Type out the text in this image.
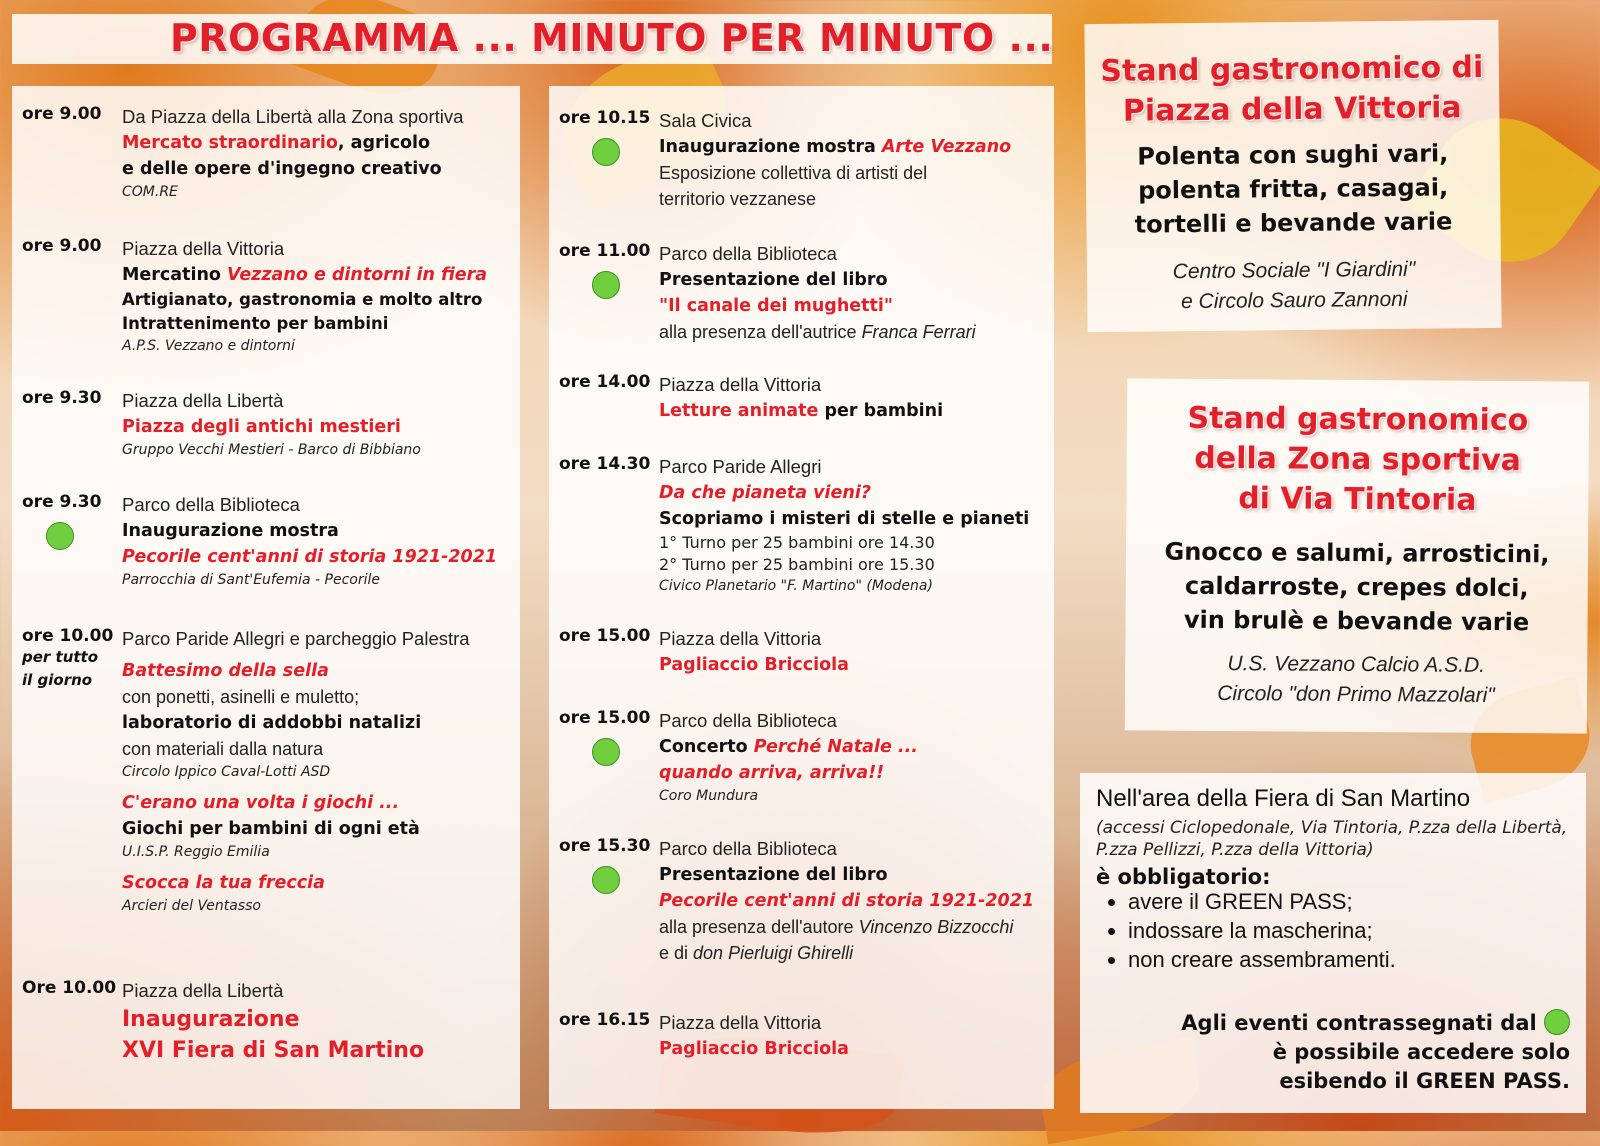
PROGRAMMA ... MINUTO PER MINUTO ...
ore 9.00 Da Piazza della Libertà alla Zona sportiva
Mercato straordinario, agricolo
e delle opere d'ingegno creativo
COM.RE
ore 9.00 Piazza della Vittoria
Mercatino Vezzano e dintorni in fiera
Artigianato, gastronomia e molto altro
Intrattenimento per bambini
A.P.S. Vezzano e dintorni
ore 9.30 Piazza della Libertà
Piazza degli antichi mestieri
Gruppo Vecchi Mestieri - Barco di Bibbiano
ore 9.30 Parco della Biblioteca
Inaugurazione mostra
Pecorile cent'anni di storia 1921-2021
Parrocchia di Sant'Eufemia - Pecorile
ore 10.00
per tutto il giorno
Parco Paride Allegri e parcheggio Palestra
Battesimo della sella
con ponetti, asinelli e muletto;
laboratorio di addobbi natalizi
con materiali dalla natura
Circolo Ippico Caval-Lotti ASD
C'erano una volta i giochi ...
Giochi per bambini di ogni età
U.I.S.P. Reggio Emilia
Scocca la tua freccia
Arcieri del Ventasso
Ore 10.00 Piazza della Libertà
Inaugurazione
XVI Fiera di San Martino
ore 10.15 Sala Civica
Inaugurazione mostra Arte Vezzano
Esposizione collettiva di artisti del
territorio vezzanese
ore 11.00 Parco della Biblioteca
Presentazione del libro
"Il canale dei mughetti"
alla presenza dell'autrice Franca Ferrari
ore 14.00 Piazza della Vittoria
Letture animate per bambini
ore 14.30 Parco Paride Allegri
Da che pianeta vieni?
Scopriamo i misteri di stelle e pianeti
1° Turno per 25 bambini ore 14.30
2° Turno per 25 bambini ore 15.30
Civico Planetario "F. Martino" (Modena)
ore 15.00 Piazza della Vittoria
Pagliaccio Bricciola
ore 15.00 Parco della Biblioteca
Concerto Perché Natale ...
quando arriva, arriva!!
Coro Mundura
ore 15.30 Parco della Biblioteca
Presentazione del libro
Pecorile cent'anni di storia 1921-2021
alla presenza dell'autore Vincenzo Bizzocchi
e di don Pierluigi Ghirelli
ore 16.15 Piazza della Vittoria
Pagliaccio Bricciola
Stand gastronomico di
Piazza della Vittoria
Polenta con sughi vari,
polenta fritta, casagai,
tortelli e bevande varie
Centro Sociale "I Giardini"
e Circolo Sauro Zannoni
Stand gastronomico
della Zona sportiva
di Via Tintoria
Gnocco e salumi, arrosticini,
caldarroste, crepes dolci,
vin brulè e bevande varie
U.S. Vezzano Calcio A.S.D.
Circolo "don Primo Mazzolari"
Nell'area della Fiera di San Martino
(accessi Ciclopedonale, Via Tintoria, P.zza della Libertà, P.zza Pellizzi, P.zza della Vittoria)
è obbligatorio:
• avere il GREEN PASS;
• indossare la mascherina;
• non creare assembramenti.
Agli eventi contrassegnati dal
è possibile accedere solo
esibendo il GREEN PASS.
